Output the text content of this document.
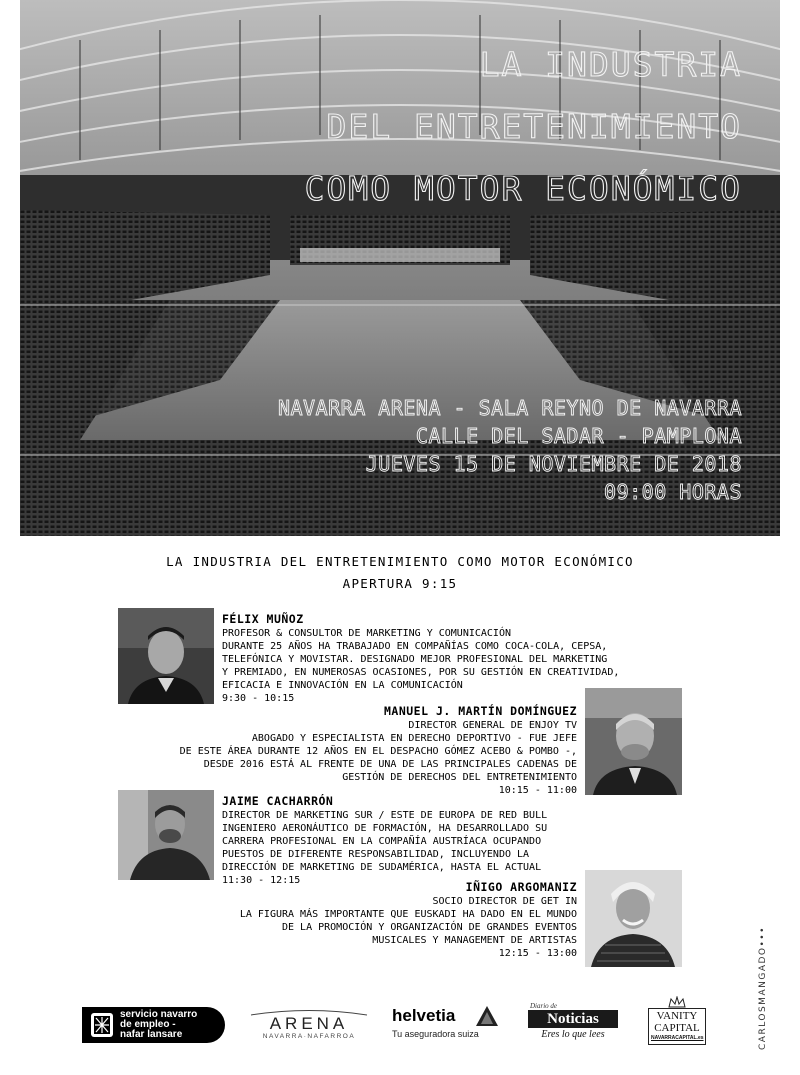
LA INDUSTRIA
DEL ENTRETENIMIENTO
COMO MOTOR ECONÓMICO
NAVARRA ARENA - SALA REYNO DE NAVARRA
CALLE DEL SADAR - PAMPLONA
JUEVES 15 DE NOVIEMBRE DE 2018
09:00 HORAS
LA INDUSTRIA DEL ENTRETENIMIENTO COMO MOTOR ECONÓMICO
APERTURA 9:15
FÉLIX MUÑOZ
PROFESOR & CONSULTOR DE MARKETING Y COMUNICACIÓN
DURANTE 25 AÑOS HA TRABAJADO EN COMPAÑÍAS COMO COCA-COLA, CEPSA,
TELEFÓNICA Y MOVISTAR. DESIGNADO MEJOR PROFESIONAL DEL MARKETING
Y PREMIADO, EN NUMEROSAS OCASIONES, POR SU GESTIÓN EN CREATIVIDAD,
EFICACIA E INNOVACIÓN EN LA COMUNICACIÓN
9:30 - 10:15
MANUEL J. MARTÍN DOMÍNGUEZ
DIRECTOR GENERAL DE ENJOY TV
ABOGADO Y ESPECIALISTA EN DERECHO DEPORTIVO - FUE JEFE
DE ESTE ÁREA DURANTE 12 AÑOS EN EL DESPACHO GÓMEZ ACEBO & POMBO -,
DESDE 2016 ESTÁ AL FRENTE DE UNA DE LAS PRINCIPALES CADENAS DE
GESTIÓN DE DERECHOS DEL ENTRETENIMIENTO
10:15 - 11:00
JAIME CACHARRÓN
DIRECTOR DE MARKETING SUR / ESTE DE EUROPA DE RED BULL
INGENIERO AERONÁUTICO DE FORMACIÓN, HA DESARROLLADO SU
CARRERA PROFESIONAL EN LA COMPAÑÍA AUSTRÍACA OCUPANDO
PUESTOS DE DIFERENTE RESPONSABILIDAD, INCLUYENDO LA
DIRECCIÓN DE MARKETING DE SUDAMÉRICA, HASTA EL ACTUAL
11:30 - 12:15	IÑIGO ARGOMANIZ
SOCIO DIRECTOR DE GET IN
LA FIGURA MÁS IMPORTANTE QUE EUSKADI HA DADO EN EL MUNDO
DE LA PROMOCIÓN Y ORGANIZACIÓN DE GRANDES EVENTOS
MUSICALES Y MANAGEMENT DE ARTISTAS
12:15 - 13:00
servicio navarro
de empleo -
nafar lansare
ARENA
NAVARRA·NAFARROA
helvetia
Tu aseguradora suiza
Diario de
Noticias
Eres lo que lees
VANITY
CAPITAL
NAVARRACAPITAL.es	CARLOSMANGADO•••
